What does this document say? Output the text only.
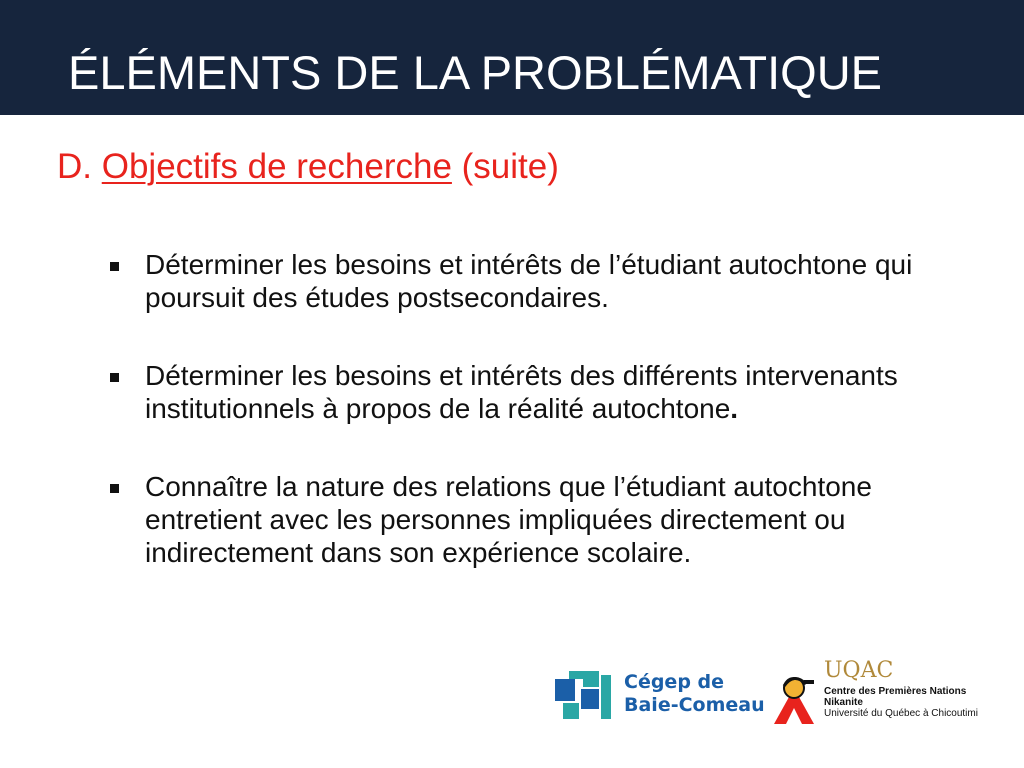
ÉLÉMENTS DE LA PROBLÉMATIQUE
D. Objectifs de recherche (suite)
Déterminer les besoins et intérêts de l’étudiant autochtone qui poursuit des études postsecondaires.
Déterminer les besoins et intérêts des différents intervenants institutionnels à propos de la réalité autochtone.
Connaître la nature des relations que l’étudiant autochtone entretient avec les personnes impliquées directement ou indirectement dans son expérience scolaire.
Cégep de
Baie-Comeau
UQAC
Centre des Premières Nations
Nikanite
Université du Québec à Chicoutimi
